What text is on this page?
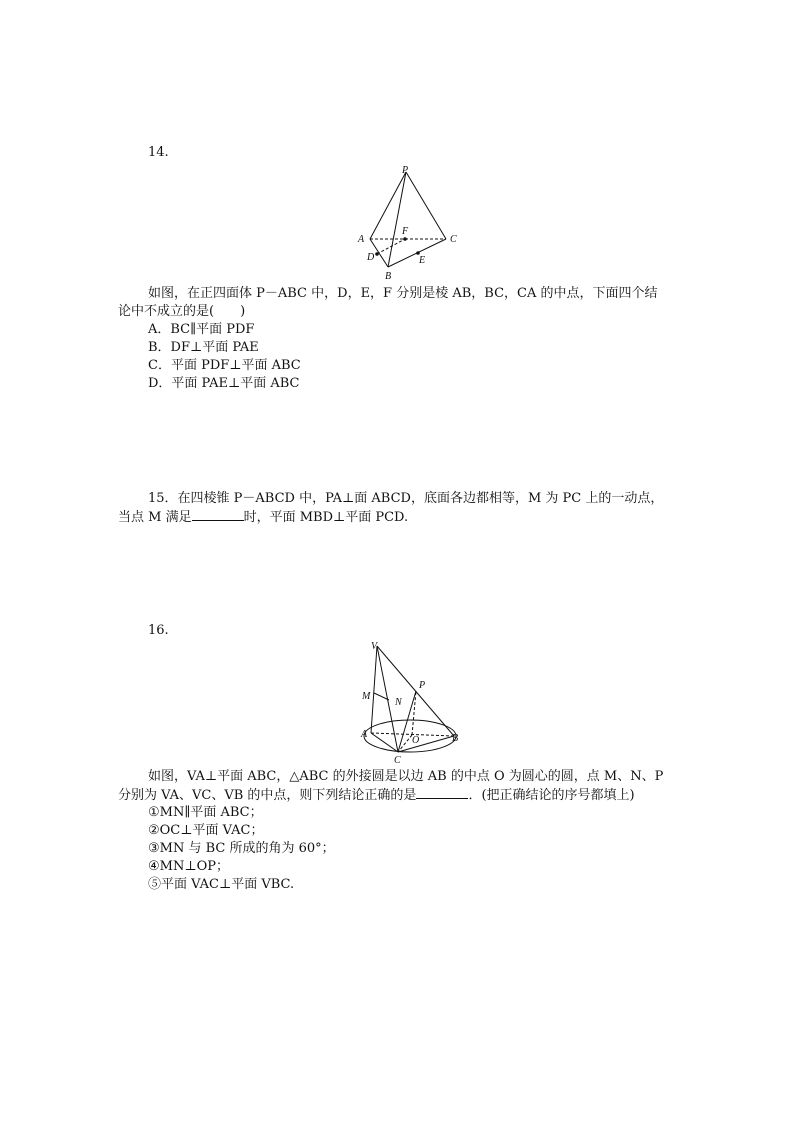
14.
P
A
B
C
D	E
F
如图，在正四面体 P－ABC 中，D，E，F 分别是棱 AB，BC，CA 的中点，下面四个结
论中不成立的是(　　)
A．BC∥平面 PDF
B．DF⊥平面 PAE
C．平面 PDF⊥平面 ABC
D．平面 PAE⊥平面 ABC
15．在四棱锥 P－ABCD 中，PA⊥面 ABCD，底面各边都相等，M 为 PC 上的一动点，
当点 M 满足	时，平面 MBD⊥平面 PCD.
16.
V
M
N
P
A
O	B
C
如图，VA⊥平面 ABC，△ABC 的外接圆是以边 AB 的中点 O 为圆心的圆，点 M、N、P
分别为 VA、VC、VB 的中点，则下列结论正确的是	．(把正确结论的序号都填上)
①MN∥平面 ABC；
②OC⊥平面 VAC；
③MN 与 BC 所成的角为 60°；
④MN⊥OP；
⑤平面 VAC⊥平面 VBC.
